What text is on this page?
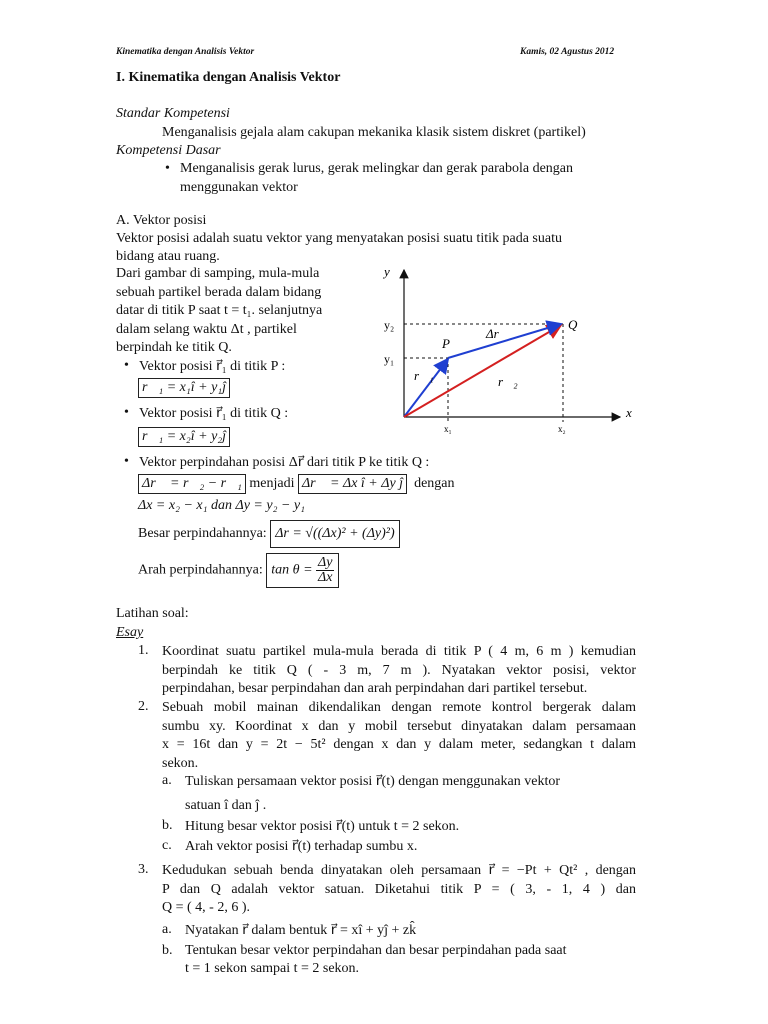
Kinematika dengan Analisis Vektor	Kamis, 02 Agustus 2012
I. Kinematika dengan Analisis Vektor
Standar Kompetensi
Menganalisis gejala alam cakupan mekanika klasik sistem diskret (partikel)
Kompetensi Dasar
• Menganalisis gerak lurus, gerak melingkar dan gerak parabola dengan
menggunakan vektor
A. Vektor posisi
Vektor posisi adalah suatu vektor yang menyatakan posisi suatu titik pada suatu
bidang atau ruang.
Dari gambar di samping, mula-mula
sebuah partikel berada dalam bidang
datar di titik P saat t = t₁. selanjutnya
dalam selang waktu Δt , partikel
berpindah ke titik Q.
y
x
y₂
y₁
x₁	x₂
P
Q
Δr⃗
r⃗₁	r⃗₂
• Vektor posisi r⃗₁ di titik P :
r⃗₁ = x₁î + y₁ĵ
• Vektor posisi r⃗₁ di titik Q :
r⃗₁ = x₂î + y₂ĵ
• Vektor perpindahan posisi Δr⃗ dari titik P ke titik Q :
Δr⃗ = r⃗₂ − r⃗₁ menjadi Δr⃗ = Δx î + Δy ĵ dengan
Δx = x₂ − x₁ dan Δy = y₂ − y₁
Besar perpindahannya: Δr = √((Δx)² + (Δy)²)
Arah perpindahannya: $\tan \theta = \frac{\Delta y}{\Delta x}$
Latihan soal:
Esay
1. Koordinat suatu partikel mula-mula berada di titik P ( 4 m, 6 m ) kemudian
berpindah ke titik Q ( - 3 m, 7 m ). Nyatakan vektor posisi, vektor
perpindahan, besar perpindahan dan arah perpindahan dari partikel tersebut.
2. Sebuah mobil mainan dikendalikan dengan remote kontrol bergerak dalam
sumbu xy. Koordinat x dan y mobil tersebut dinyatakan dalam persamaan
x = 16t dan y = 2t − 5t² dengan x dan y dalam meter, sedangkan t dalam
sekon.
a. Tuliskan persamaan vektor posisi r⃗(t) dengan menggunakan vektor
satuan î dan ĵ .
b. Hitung besar vektor posisi r⃗(t) untuk t = 2 sekon.
c. Arah vektor posisi r⃗(t) terhadap sumbu x.
3. Kedudukan sebuah benda dinyatakan oleh persamaan r⃗ = −Pt + Qt² , dengan
P dan Q adalah vektor satuan. Diketahui titik P = ( 3, - 1, 4 ) dan
Q = ( 4, - 2, 6 ).
a. Nyatakan r⃗ dalam bentuk r⃗ = xî + yĵ + zk̂
b. Tentukan besar vektor perpindahan dan besar perpindahan pada saat
t = 1 sekon sampai t = 2 sekon.
